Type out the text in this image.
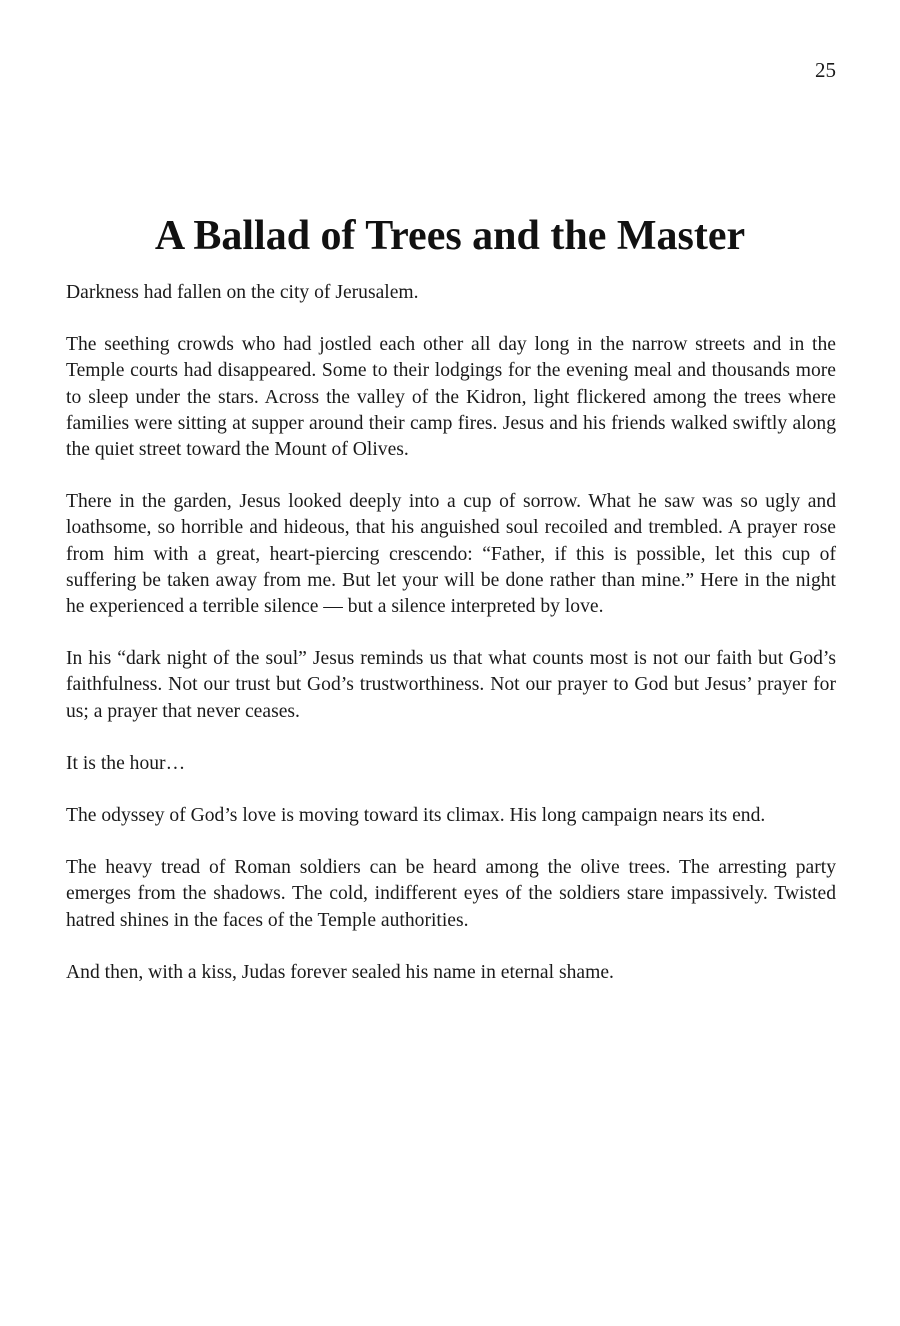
25
A Ballad of Trees and the Master

Darkness had fallen on the city of Jerusalem.

The seething crowds who had jostled each other all day long in the narrow streets and in the Temple courts had disappeared. Some to their lodgings for the evening meal and thousands more to sleep under the stars. Across the valley of the Kidron, light flickered among the trees where families were sitting at supper around their camp fires. Jesus and his friends walked swiftly along the quiet street toward the Mount of Olives.

There in the garden, Jesus looked deeply into a cup of sorrow. What he saw was so ugly and loathsome, so horrible and hideous, that his anguished soul recoiled and trembled. A prayer rose from him with a great, heart-piercing crescendo: “Father, if this is possible, let this cup of suffering be taken away from me. But let your will be done rather than mine.” Here in the night he experienced a terrible silence — but a silence interpreted by love.

In his “dark night of the soul” Jesus reminds us that what counts most is not our faith but God’s faithfulness. Not our trust but God’s trustworthiness. Not our prayer to God but Jesus’ prayer for us; a prayer that never ceases.

It is the hour…

The odyssey of God’s love is moving toward its climax. His long campaign nears its end.

The heavy tread of Roman soldiers can be heard among the olive trees. The arresting party emerges from the shadows. The cold, indifferent eyes of the soldiers stare impassively. Twisted hatred shines in the faces of the Temple authorities.

And then, with a kiss, Judas forever sealed his name in eternal shame.
